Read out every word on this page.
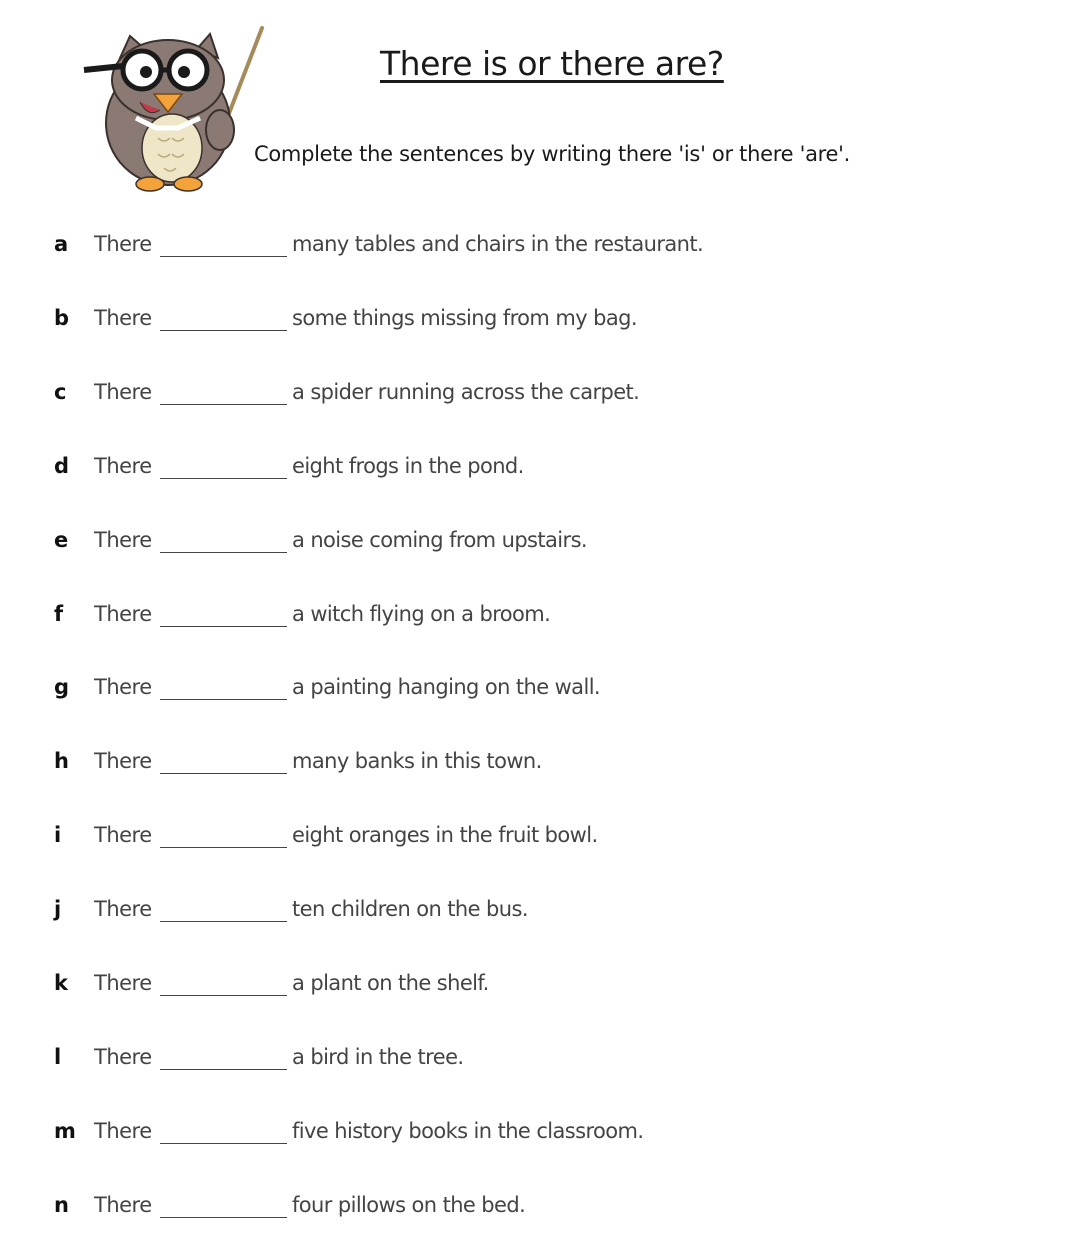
There is or there are?
Complete the sentences by writing there 'is' or there 'are'.
a There	many tables and chairs in the restaurant.
b There	some things missing from my bag.
c There	a spider running across the carpet.
d There	eight frogs in the pond.
e There	a noise coming from upstairs.
f There	a witch flying on a broom.
g There	a painting hanging on the wall.
h There	many banks in this town.
i There	eight oranges in the fruit bowl.
j There	ten children on the bus.
k There	a plant on the shelf.
l There	a bird in the tree.
m There	five history books in the classroom.
n There	four pillows on the bed.
